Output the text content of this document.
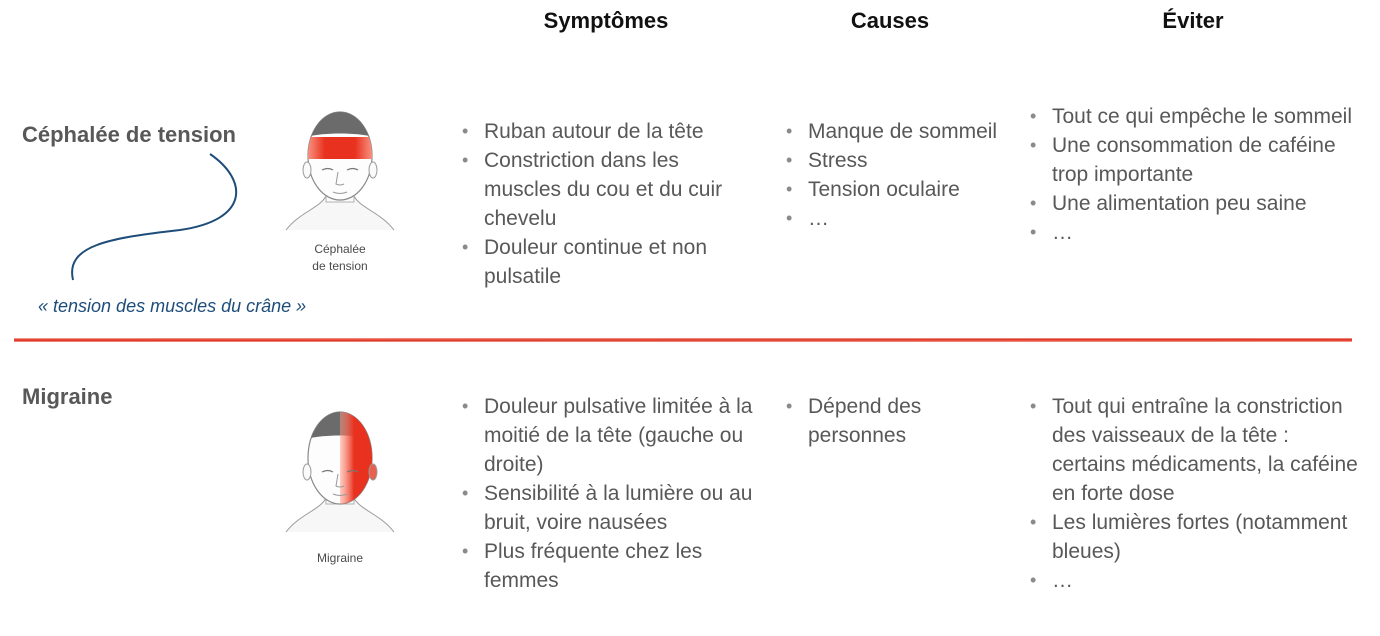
Symptômes	Causes	Éviter
Céphalée de tension
« tension des muscles du crâne »
Céphalée
de tension
• Ruban autour de la tête
• Constriction dans les muscles du cou et du cuir chevelu
• Douleur continue et non pulsatile
• Manque de sommeil
• Stress
• Tension oculaire
• …
• Tout ce qui empêche le sommeil
• Une consommation de caféine trop importante
• Une alimentation peu saine
• …
Migraine
Migraine
• Douleur pulsative limitée à la moitié de la tête (gauche ou droite)
• Sensibilité à la lumière ou au bruit, voire nausées
• Plus fréquente chez les femmes
• Dépend des personnes
• Tout qui entraîne la constriction des vaisseaux de la tête : certains médicaments, la caféine en forte dose
• Les lumières fortes (notamment bleues)
• …
